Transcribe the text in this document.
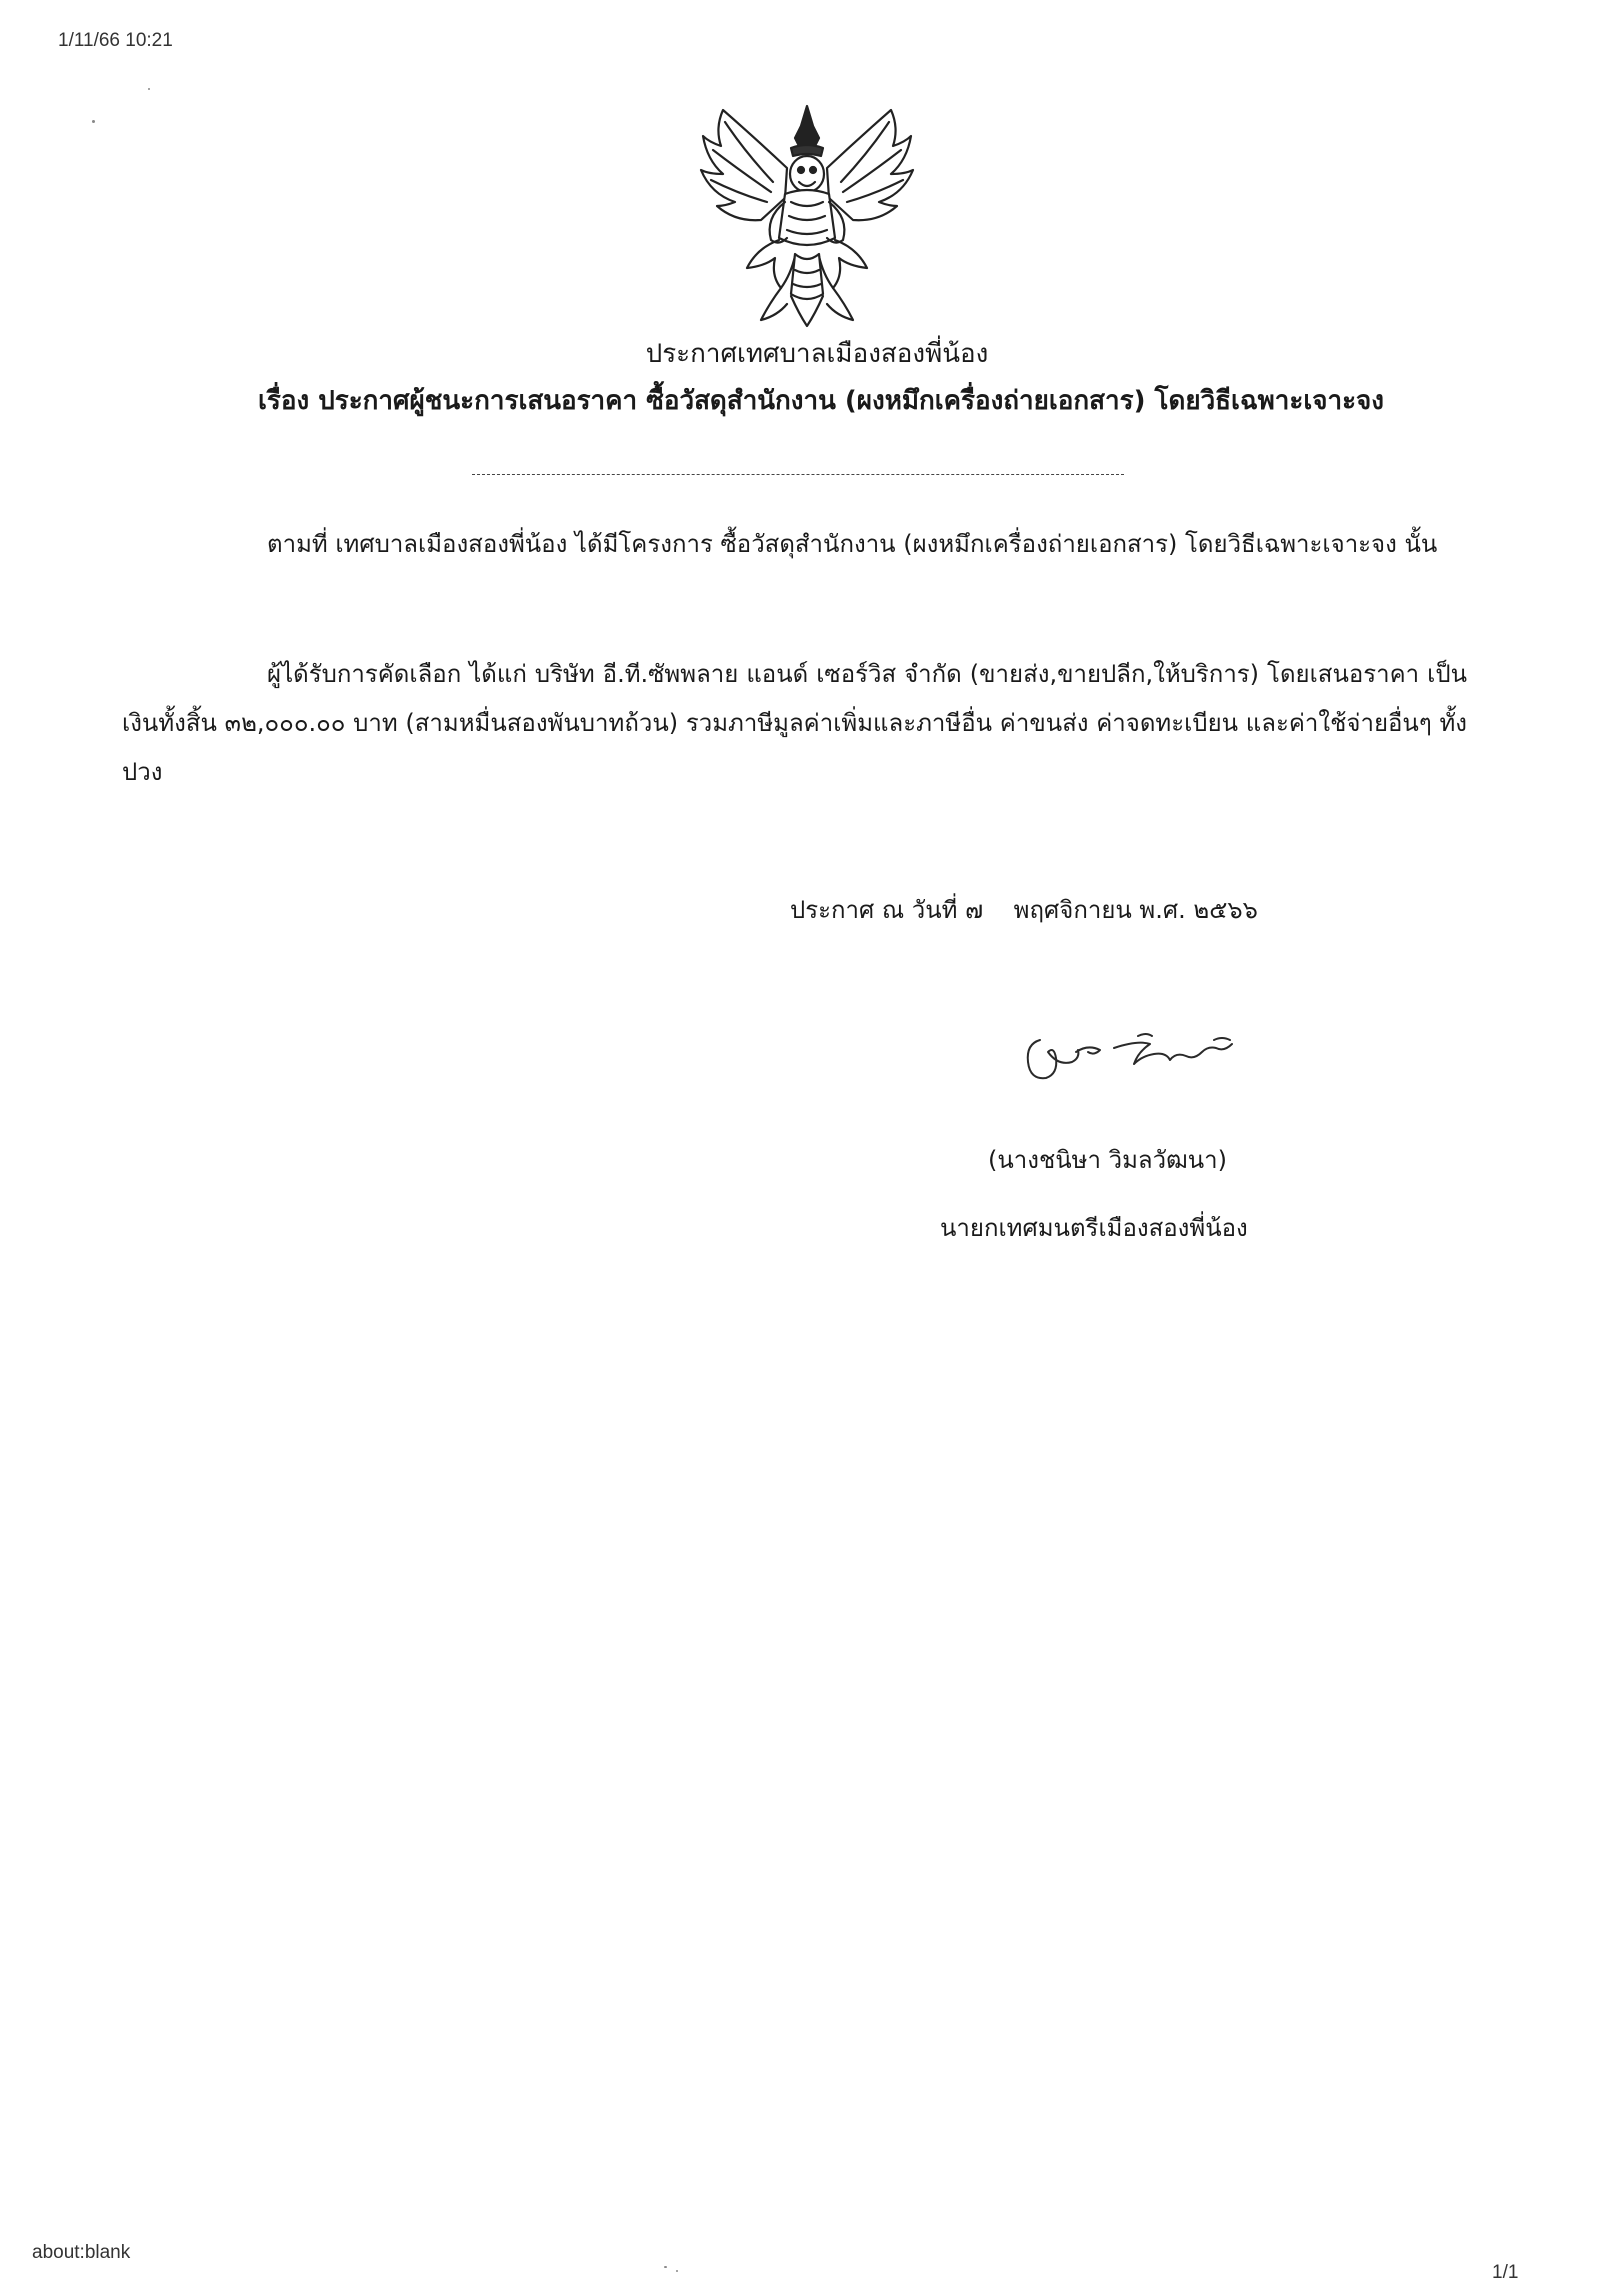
1/11/66 10:21
ประกาศเทศบาลเมืองสองพี่น้อง
เรื่อง ประกาศผู้ชนะการเสนอราคา ซื้อวัสดุสำนักงาน (ผงหมึกเครื่องถ่ายเอกสาร) โดยวิธีเฉพาะเจาะจง
ตามที่ เทศบาลเมืองสองพี่น้อง ได้มีโครงการ ซื้อวัสดุสำนักงาน (ผงหมึกเครื่องถ่ายเอกสาร) โดยวิธีเฉพาะเจาะจง นั้น
ผู้ได้รับการคัดเลือก ได้แก่ บริษัท อี.ที.ซัพพลาย แอนด์ เซอร์วิส จำกัด (ขายส่ง,ขายปลีก,ให้บริการ) โดยเสนอราคา เป็นเงินทั้งสิ้น ๓๒,๐๐๐.๐๐ บาท (สามหมื่นสองพันบาทถ้วน) รวมภาษีมูลค่าเพิ่มและภาษีอื่น ค่าขนส่ง ค่าจดทะเบียน และค่าใช้จ่ายอื่นๆ ทั้งปวง
ประกาศ ณ วันที่ ๗    พฤศจิกายน พ.ศ. ๒๕๖๖
(นางชนิษา วิมลวัฒนา)
นายกเทศมนตรีเมืองสองพี่น้อง
about:blank
1/1
